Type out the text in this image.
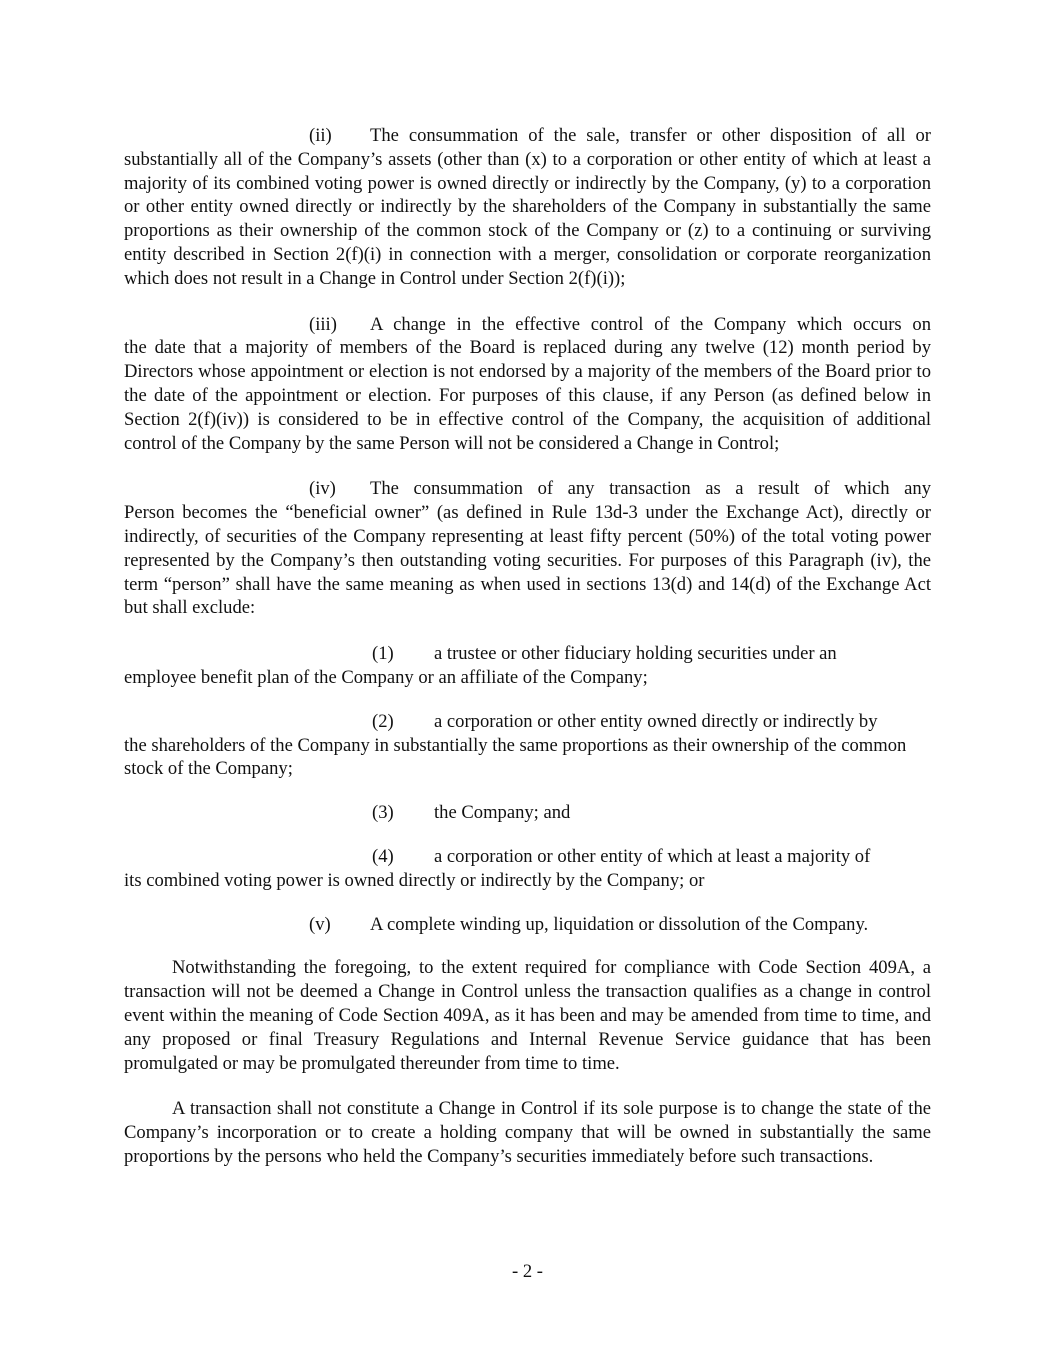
(ii) The consummation of the sale, transfer or other disposition of all or
substantially all of the Company’s assets (other than (x) to a corporation or other entity of which at least a majority of its combined voting power is owned directly or indirectly by the Company, (y) to a corporation or other entity owned directly or indirectly by the shareholders of the Company in substantially the same proportions as their ownership of the common stock of the Company or (z) to a continuing or surviving entity described in Section 2(f)(i) in connection with a merger, consolidation or corporate reorganization which does not result in a Change in Control under Section 2(f)(i));
(iii) A change in the effective control of the Company which occurs on
the date that a majority of members of the Board is replaced during any twelve (12) month period by Directors whose appointment or election is not endorsed by a majority of the members of the Board prior to the date of the appointment or election. For purposes of this clause, if any Person (as defined below in Section 2(f)(iv)) is considered to be in effective control of the Company, the acquisition of additional control of the Company by the same Person will not be considered a Change in Control;
(iv) The consummation of any transaction as a result of which any
Person becomes the “beneficial owner” (as defined in Rule 13d-3 under the Exchange Act), directly or indirectly, of securities of the Company representing at least fifty percent (50%) of the total voting power represented by the Company’s then outstanding voting securities. For purposes of this Paragraph (iv), the term “person” shall have the same meaning as when used in sections 13(d) and 14(d) of the Exchange Act but shall exclude:
(1) a trustee or other fiduciary holding securities under an
employee benefit plan of the Company or an affiliate of the Company;
(2) a corporation or other entity owned directly or indirectly by
the shareholders of the Company in substantially the same proportions as their ownership of the common stock of the Company;
(3) the Company; and
(4) a corporation or other entity of which at least a majority of
its combined voting power is owned directly or indirectly by the Company; or
(v) A complete winding up, liquidation or dissolution of the Company.

Notwithstanding the foregoing, to the extent required for compliance with Code Section 409A, a transaction will not be deemed a Change in Control unless the transaction qualifies as a change in control event within the meaning of Code Section 409A, as it has been and may be amended from time to time, and any proposed or final Treasury Regulations and Internal Revenue Service guidance that has been promulgated or may be promulgated thereunder from time to time.

A transaction shall not constitute a Change in Control if its sole purpose is to change the state of the Company’s incorporation or to create a holding company that will be owned in substantially the same proportions by the persons who held the Company’s securities immediately before such transactions.

- 2 -
